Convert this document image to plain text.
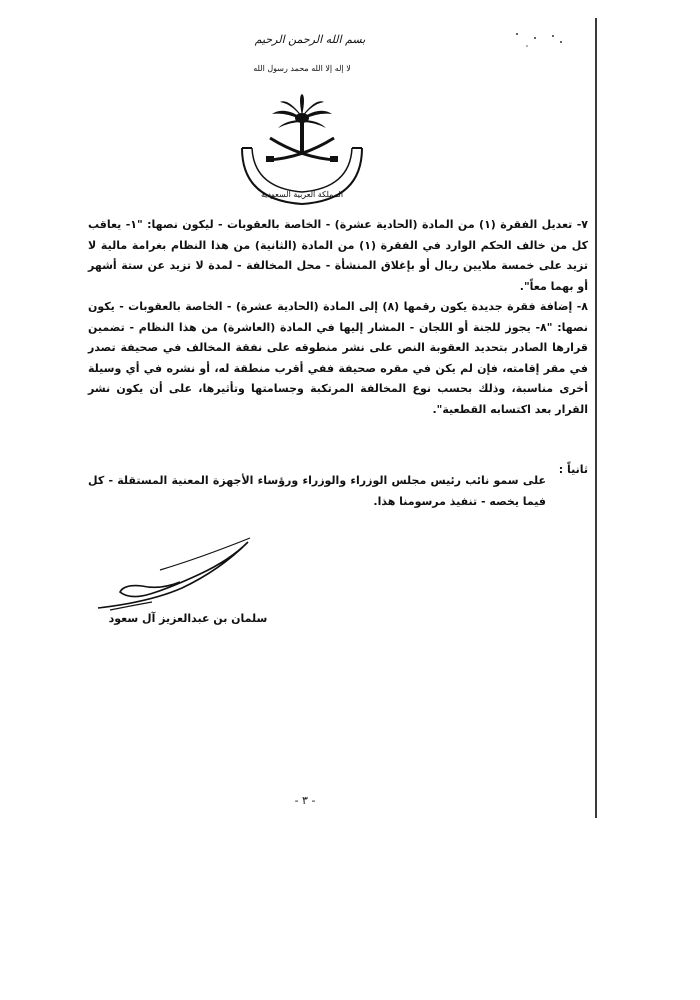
بسم الله الرحمن الرحيم
لا إله إلا الله محمد رسول الله
المملكة العربية السعودية

٧- تعديل الفقرة (١) من المادة (الحادية عشرة) - الخاصة بالعقوبات - ليكون نصها: "١- يعاقب كل من خالف الحكم الوارد في الفقرة (١) من المادة (الثانية) من هذا النظام بغرامة مالية لا تزيد على خمسة ملايين ريال أو بإغلاق المنشأة - محل المخالفة - لمدة لا تزيد عن ستة أشهر أو بهما معاً".

٨- إضافة فقرة جديدة يكون رقمها (٨) إلى المادة (الحادية عشرة) - الخاصة بالعقوبات - يكون نصها: "٨- يجوز للجنة أو اللجان - المشار إليها في المادة (العاشرة) من هذا النظام - تضمين قرارها الصادر بتحديد العقوبة النص على نشر منطوقه على نفقة المخالف في صحيفة تصدر في مقر إقامته، فإن لم يكن في مقره صحيفة ففي أقرب منطقة له، أو نشره في أي وسيلة أخرى مناسبة، وذلك بحسب نوع المخالفة المرتكبة وجسامتها وتأثيرها، على أن يكون نشر القرار بعد اكتسابه القطعية".

ثانياً :

على سمو نائب رئيس مجلس الوزراء والوزراء ورؤساء الأجهزة المعنية المستقلة - كل فيما يخصه - تنفيذ مرسومنا هذا.

سلمان بن عبدالعزيز آل سعود
- ٣ -
